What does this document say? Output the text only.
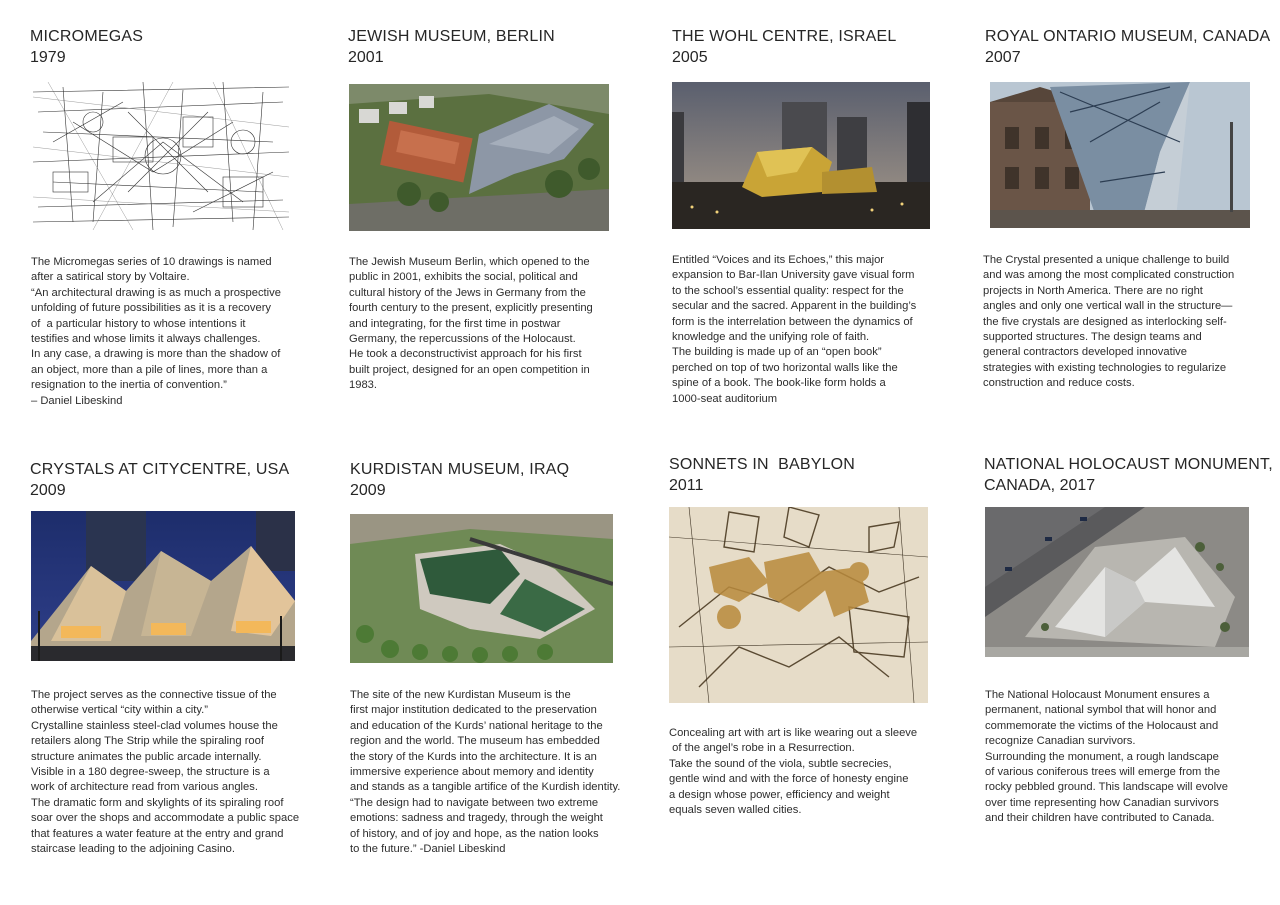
MICROMEGAS
1979

The Micromegas series of 10 drawings is named

after a satirical story by Voltaire.

“An architectural drawing is as much a prospective

unfolding of future possibilities as it is a recovery

of  a particular history to whose intentions it

testifies and whose limits it always challenges.

In any case, a drawing is more than the shadow of

an object, more than a pile of lines, more than a

resignation to the inertia of convention.”

– Daniel Libeskind

JEWISH MUSEUM, BERLIN
2001

The Jewish Museum Berlin, which opened to the

public in 2001, exhibits the social, political and

cultural history of the Jews in Germany from the

fourth century to the present, explicitly presenting

and integrating, for the first time in postwar

Germany, the repercussions of the Holocaust.

He took a deconstructivist approach for his first

built project, designed for an open competition in

1983.

THE WOHL CENTRE, ISRAEL
2005

Entitled “Voices and its Echoes,” this major

expansion to Bar-Ilan University gave visual form

to the school’s essential quality: respect for the

secular and the sacred. Apparent in the building’s

form is the interrelation between the dynamics of

knowledge and the unifying role of faith.

The building is made up of an “open book”

perched on top of two horizontal walls like the

spine of a book. The book-like form holds a

1000-seat auditorium

ROYAL ONTARIO MUSEUM, CANADA
2007

The Crystal presented a unique challenge to build

and was among the most complicated construction

projects in North America. There are no right

angles and only one vertical wall in the structure—

the five crystals are designed as interlocking self-

supported structures. The design teams and

general contractors developed innovative

strategies with existing technologies to regularize

construction and reduce costs.

CRYSTALS AT CITYCENTRE, USA
2009

The project serves as the connective tissue of the

otherwise vertical “city within a city.”

Crystalline stainless steel-clad volumes house the

retailers along The Strip while the spiraling roof

structure animates the public arcade internally.

Visible in a 180 degree-sweep, the structure is a

work of architecture read from various angles.

The dramatic form and skylights of its spiraling roof

soar over the shops and accommodate a public space

that features a water feature at the entry and grand

staircase leading to the adjoining Casino.

KURDISTAN MUSEUM, IRAQ
2009

The site of the new Kurdistan Museum is the

first major institution dedicated to the preservation

and education of the Kurds’ national heritage to the

region and the world. The museum has embedded

the story of the Kurds into the architecture. It is an

immersive experience about memory and identity

and stands as a tangible artifice of the Kurdish identity.

“The design had to navigate between two extreme

emotions: sadness and tragedy, through the weight

of history, and of joy and hope, as the nation looks

to the future.” -Daniel Libeskind

SONNETS IN  BABYLON
2011

Concealing art with art is like wearing out a sleeve

of the angel’s robe in a Resurrection.

Take the sound of the viola, subtle secrecies,

gentle wind and with the force of honesty engine

a design whose power, efficiency and weight

equals seven walled cities.

NATIONAL HOLOCAUST MONUMENT,
CANADA, 2017

The National Holocaust Monument ensures a

permanent, national symbol that will honor and

commemorate the victims of the Holocaust and

recognize Canadian survivors.

Surrounding the monument, a rough landscape

of various coniferous trees will emerge from the

rocky pebbled ground. This landscape will evolve

over time representing how Canadian survivors

and their children have contributed to Canada.
